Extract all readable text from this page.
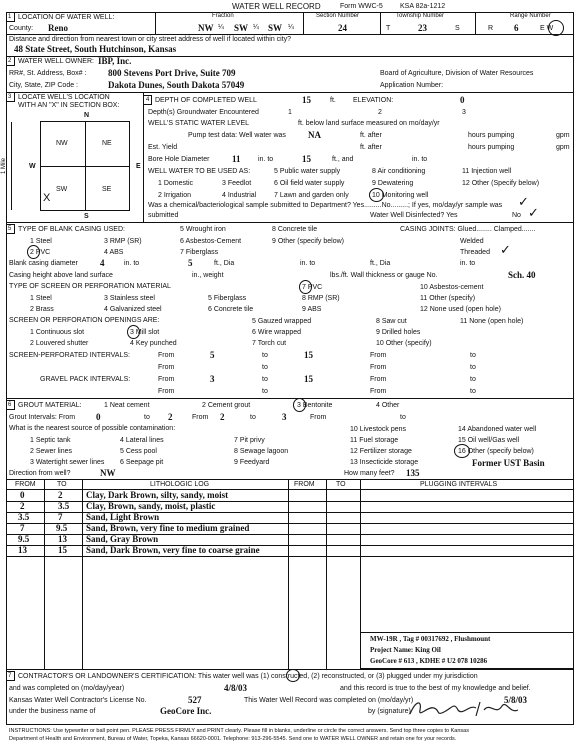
WATER WELL RECORD	Form WWC-5 KSA 82a-1212
1 LOCATION OF WATER WELL:
County: Reno
Fraction
NW ¼ SW ¼ SW ¼
Section Number
24
Township Number
T	23	S
Range Number
R 6	E W
Distance and direction from nearest town or city street address of well if located within city?
48 State Street, South Hutchinson, Kansas
2 WATER WELL OWNER: IBP, Inc.
RR#, St. Address, Box# : 800 Stevens Port Drive, Suite 709
City, State, ZIP Code :	Dakota Dunes, South Dakota 57049
Board of Agriculture, Division of Water Resources
Application Number:
3 LOCATE WELL'S LOCATION
WITH AN "X" IN SECTION BOX:
N
S
W	E
1 Mile
NW	NE
SW	SE
X
4 DEPTH OF COMPLETED WELL	15	ft. ELEVATION:	0
Depth(s) Groundwater Encountered	1	2	3
WELL'S STATIC WATER LEVEL	ft. below land surface measured on mo/day/yr
Pump test data: Well water was NA	ft. after	hours pumping	gpm
Est. Yield	ft. after	hours pumping	gpm
Bore Hole Diameter	11 in. to	15	ft., and	in. to
WELL WATER TO BE USED AS:	5 Public water supply	8 Air conditioning	11 Injection well
1 Domestic	3 Feedlot	6 Oil field water supply	9 Dewatering	12 Other (Specify below)
2 Irrigation	4 Industrial	7 Lawn and garden only	10 Monitoring well
Was a chemical/bacteriological sample submitted to Department? Yes.........No.........; If yes, mo/day/yr sample was
submitted	Water Well Disinfected? Yes	No ✓
✓
5 TYPE OF BLANK CASING USED:
1 Steel	3 RMP (SR)
5 Wrought iron	8 Concrete tile
2 PVC	4 ABS
6 Asbestos-Cement	9 Other (specify below)
7 Fiberglass
CASING JOINTS: Glued........ Clamped.......
Welded
Threaded ✓
Blank casing diameter 4	in. to	5	ft., Dia	in. to	ft., Dia	in. to
Casing height above land surface	in., weight	lbs./ft. Wall thickness or gauge No.	Sch. 40
TYPE OF SCREEN OR PERFORATION MATERIAL
1 Steel	3 Stainless steel	5 Fiberglass
7 PVC	10 Asbestos-cement
2 Brass	4 Galvanized steel	6 Concrete tile
8 RMP (SR)	11 Other (specify)
9 ABS	12 None used (open hole)
SCREEN OR PERFORATION OPENINGS ARE:
1 Continuous slot
2 Louvered shutter
3 Mill slot
4 Key punched
5 Gauzed wrapped
6 Wire wrapped
7 Torch cut
8 Saw cut
9 Drilled holes
10 Other (specify)
11 None (open hole)
SCREEN-PERFORATED INTERVALS:	From	5	to	15	From	to
From	to	From	to
GRAVEL PACK INTERVALS:	From	3	to	15	From	to
From	to	From	to
6 GROUT MATERIAL:	1 Neat cement	2 Cement grout	3 Bentonite	4 Other
Grout Intervals: From 0	to 2	From 2	to	3	From	to
What is the nearest source of possible contamination:
1 Septic tank	4 Lateral lines	7 Pit privy
10 Livestock pens	14 Abandoned water well
2 Sewer lines	5 Cess pool	8 Sewage lagoon
11 Fuel storage	15 Oil well/Gas well
3 Watertight sewer lines 6 Seepage pit	9 Feedyard
12 Fertilizer storage	16 Other (specify below)
13 Insecticide storage	Former UST Basin
Direction from well?	NW	How many feet? 135
FROM	TO	LITHOLOGIC LOG	FROM	TO	PLUGGING INTERVALS
0	2	Clay, Dark Brown, silty, sandy, moist
2	3.5 Clay, Brown, sandy, moist, plastic
3.5	7	Sand, Light Brown
7	9.5 Sand, Brown, very fine to medium grained
9.5	13 Sand, Gray Brown
13	15 Sand, Dark Brown, very fine to coarse graine
MW-19R , Tag # 00317692 , Flushmount
Project Name: King Oil
GeoCore # 613 , KDHE # U2 078 10286
7 CONTRACTOR'S OR LANDOWNER'S CERTIFICATION: This water well was (1) constructed, (2) reconstructed, or (3) plugged under my jurisdiction
and was completed on (mo/day/year)	4/8/03	and this record is true to the best of my knowledge and belief.
Kansas Water Well Contractor's License No.	527	This Water Well Record was completed on (mo/day/yr)	5/8/03
under the business name of	GeoCore Inc.	by (signature)
INSTRUCTIONS: Use typewriter or ball point pen. PLEASE PRESS FIRMLY and PRINT clearly. Please fill in blanks, underline or circle the correct answers. Send top three copies to Kansas
Department of Health and Environment, Bureau of Water, Topeka, Kansas 66620-0001. Telephone: 913-296-5545. Send one to WATER WELL OWNER and retain one for your records.
